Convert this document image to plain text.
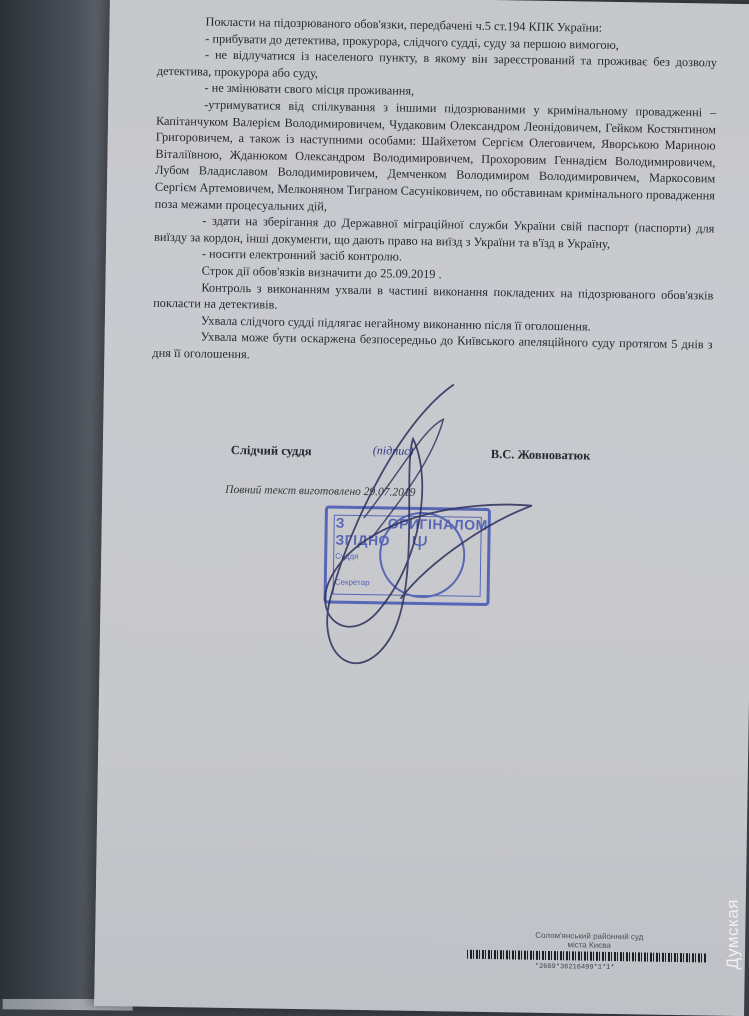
Покласти на підозрюваного обов'язки, передбачені ч.5 ст.194 КПК України:

- прибувати до детектива, прокурора, слідчого судді, суду за першою вимогою,

- не відлучатися із населеного пункту, в якому він зареєстрований та проживає без дозволу детектива, прокурора або суду,

- не змінювати свого місця проживання,

-утримуватися від спілкування з іншими підозрюваними у кримінальному провадженні – Капітанчуком Валерієм Володимировичем, Чудаковим Олександром Леонідовичем, Гейком Костянтином Григоровичем, а також із наступними особами: Шайхетом Сергієм Олеговичем, Яворською Мариною Віталіївною, Жданюком Олександром Володимировичем, Прохоровим Геннадієм Володимировичем, Лубом Владиславом Володимировичем, Демченком Володимиром Володимировичем, Маркосовим Сергієм Артемовичем, Мелконяном Тиграном Сасуніковичем, по обставинам кримінального провадження поза межами процесуальних дій,

- здати на зберігання до Державної міграційної служби України свій паспорт (паспорти) для виїзду за кордон, інші документи, що дають право на виїзд з України та в'їзд в Україну,

- носити електронний засіб контролю.

Строк дії обов'язків визначити до 25.09.2019 .

Контроль з виконанням ухвали в частині виконання покладених на підозрюваного обов'язків покласти на детективів.

Ухвала слідчого судді підлягає негайному виконанню після її оголошення.

Ухвала може бути оскаржена безпосередньо до Київського апеляційного суду протягом 5 днів з дня її оголошення.

Слідчий суддя	(підпис)	В.С. Жовноватюк
Повний текст виготовлено 29.07.2019
Ψ
З ОРИГІНАЛОМ ЗГІДНО
Суддя
Секретар
Солом'янський районний суд
міста Києва
*2609*36216499*1*1*	Думская
